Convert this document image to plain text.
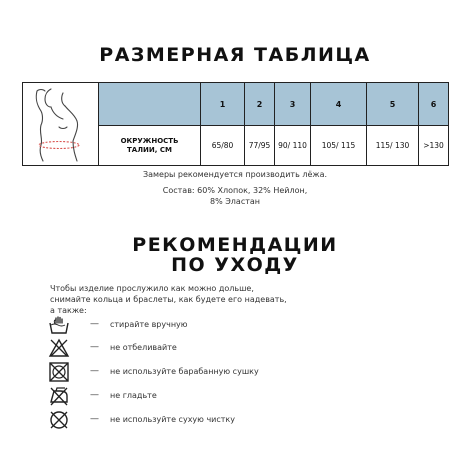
РАЗМЕРНАЯ ТАБЛИЦА
		1	2	3	4	5	6

	ОКРУЖНОСТЬ
ТАЛИИ, СМ	65/80	77/95	90/ 110	105/ 115	115/ 130	>130
Замеры рекомендуется производить лёжа.
Состав: 60% Хлопок, 32% Нейлон,
8% Эластан
РЕКОМЕНДАЦИИ
ПО УХОДУ
Чтобы изделие прослужило как можно дольше,
снимайте кольца и браслеты, как будете его надевать,
а также:
— стирайте вручную
— не отбеливайте
— не используйте барабанную сушку
— не гладьте
— не используйте сухую чистку
